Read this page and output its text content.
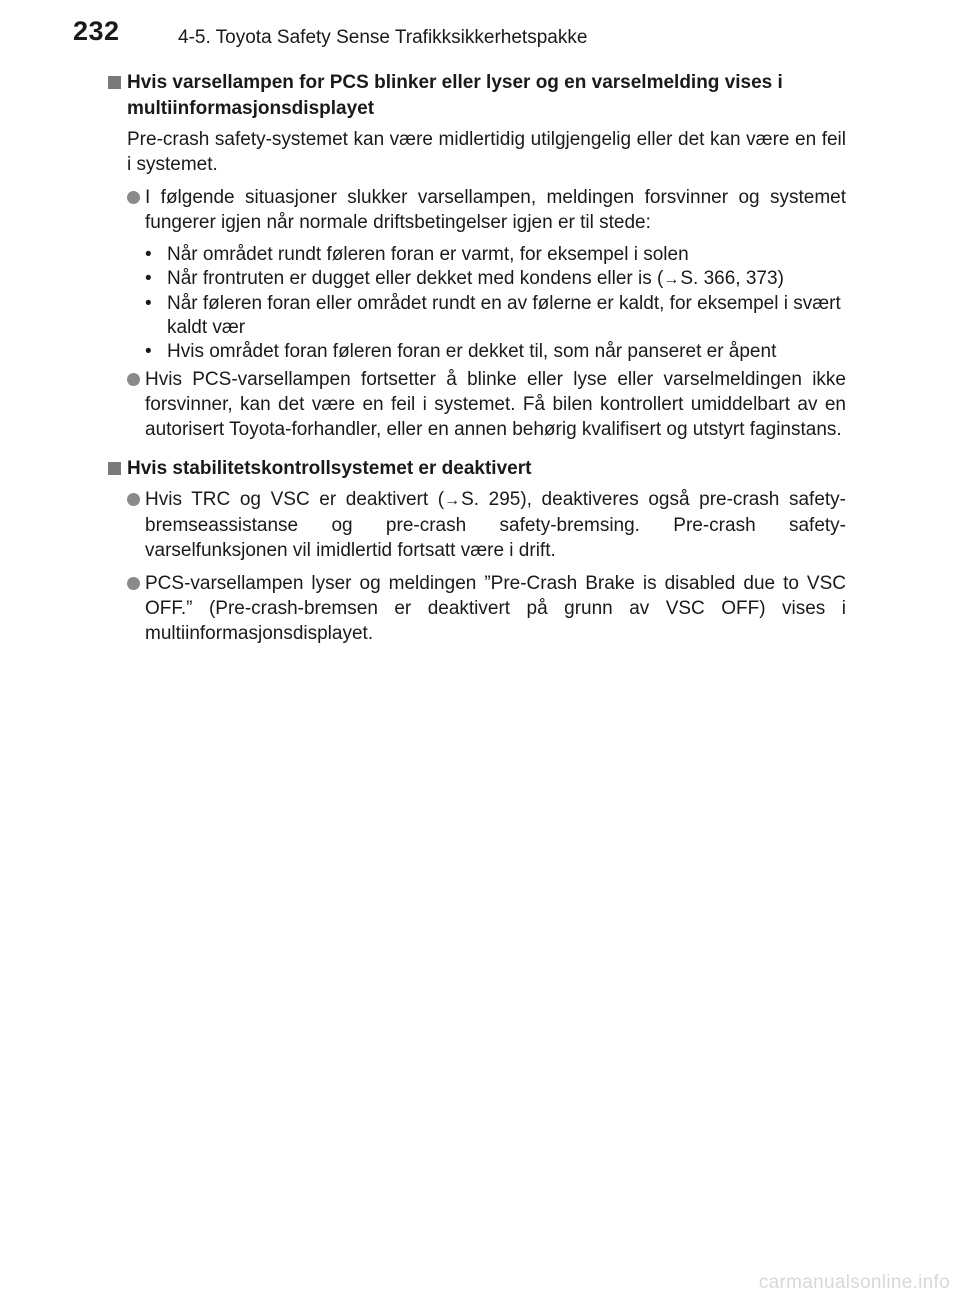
232	4-5. Toyota Safety Sense Trafikksikkerhetspakke

Hvis varsellampen for PCS blinker eller lyser og en varselmelding vises i multiinformasjonsdisplayet

Pre-crash safety-systemet kan være midlertidig utilgjengelig eller det kan være en feil i systemet.

I følgende situasjoner slukker varsellampen, meldingen forsvinner og systemet fungerer igjen når normale driftsbetingelser igjen er til stede:
• Når området rundt føleren foran er varmt, for eksempel i solen
• Når frontruten er dugget eller dekket med kondens eller is (→S. 366, 373)
• Når føleren foran eller området rundt en av følerne er kaldt, for eksempel i svært kaldt vær
• Hvis området foran føleren foran er dekket til, som når panseret er åpent
Hvis PCS-varsellampen fortsetter å blinke eller lyse eller varselmeldingen ikke forsvinner, kan det være en feil i systemet. Få bilen kontrollert umiddelbart av en autorisert Toyota-forhandler, eller en annen behørig kvalifisert og utstyrt faginstans.

Hvis stabilitetskontrollsystemet er deaktivert

Hvis TRC og VSC er deaktivert (→S. 295), deaktiveres også pre-crash safety-bremseassistanse og pre-crash safety-bremsing. Pre-crash safety-varselfunksjonen vil imidlertid fortsatt være i drift.
PCS-varsellampen lyser og meldingen ”Pre-Crash Brake is disabled due to VSC OFF.” (Pre-crash-bremsen er deaktivert på grunn av VSC OFF) vises i multiinformasjonsdisplayet.
carmanualsonline.info
